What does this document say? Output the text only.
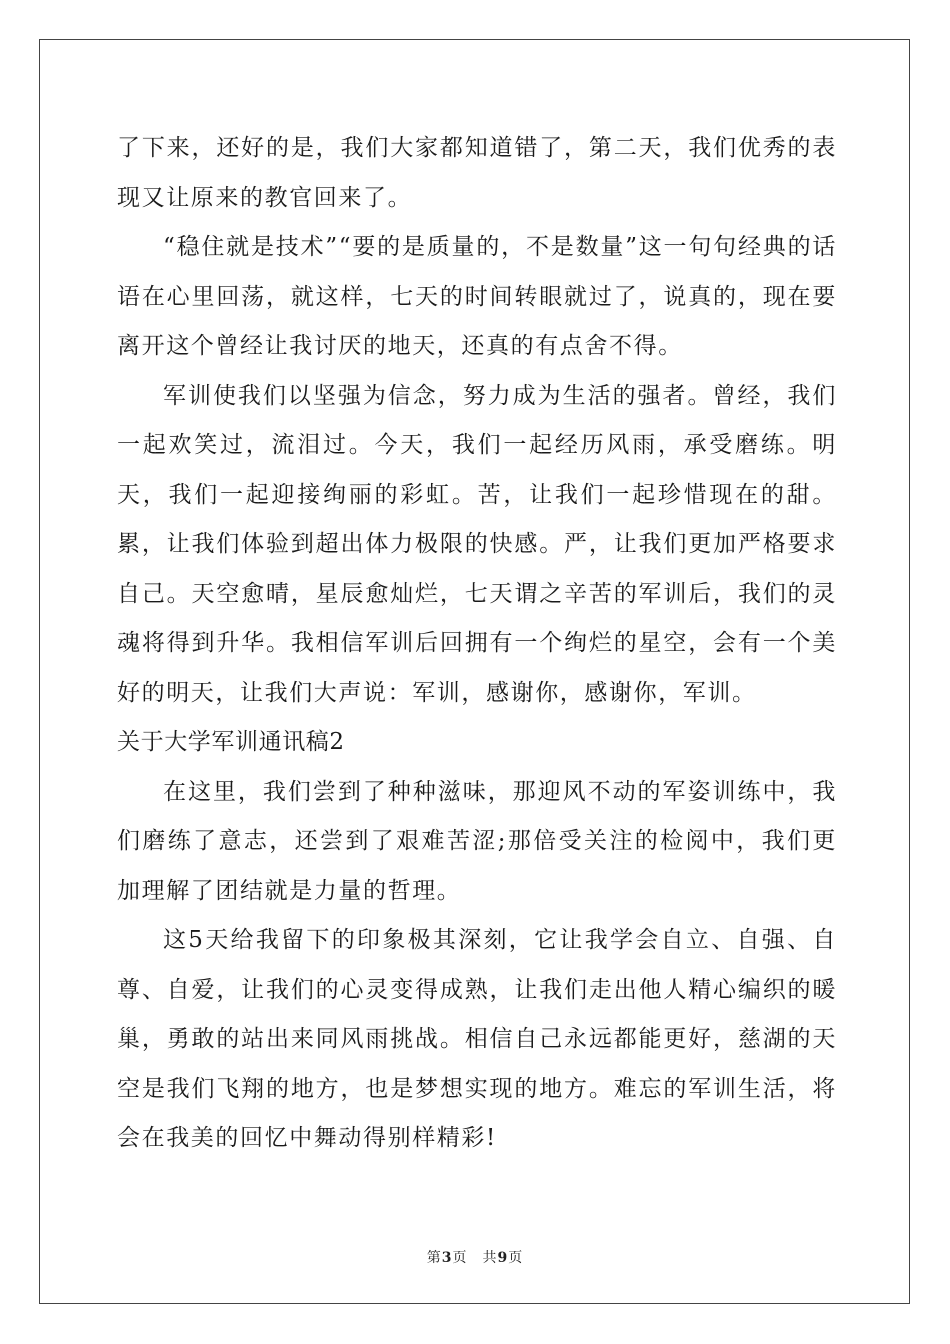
了下来，还好的是，我们大家都知道错了，第二天，我们优秀的表现又让原来的教官回来了。

“稳住就是技术”“要的是质量的，不是数量”这一句句经典的话语在心里回荡，就这样，七天的时间转眼就过了，说真的，现在要离开这个曾经让我讨厌的地天，还真的有点舍不得。

军训使我们以坚强为信念，努力成为生活的强者。曾经，我们一起欢笑过，流泪过。今天，我们一起经历风雨，承受磨练。明天，我们一起迎接绚丽的彩虹。苦，让我们一起珍惜现在的甜。累，让我们体验到超出体力极限的快感。严，让我们更加严格要求自己。天空愈晴，星辰愈灿烂，七天谓之辛苦的军训后，我们的灵魂将得到升华。我相信军训后回拥有一个绚烂的星空，会有一个美好的明天，让我们大声说：军训，感谢你，感谢你，军训。

关于大学军训通讯稿2

在这里，我们尝到了种种滋味，那迎风不动的军姿训练中，我们磨练了意志，还尝到了艰难苦涩;那倍受关注的检阅中，我们更加理解了团结就是力量的哲理。

这5天给我留下的印象极其深刻，它让我学会自立、自强、自尊、自爱，让我们的心灵变得成熟，让我们走出他人精心编织的暖巢，勇敢的站出来同风雨挑战。相信自己永远都能更好，慈湖的天空是我们飞翔的地方，也是梦想实现的地方。难忘的军训生活，将会在我美的回忆中舞动得别样精彩!

第3页　共9页
